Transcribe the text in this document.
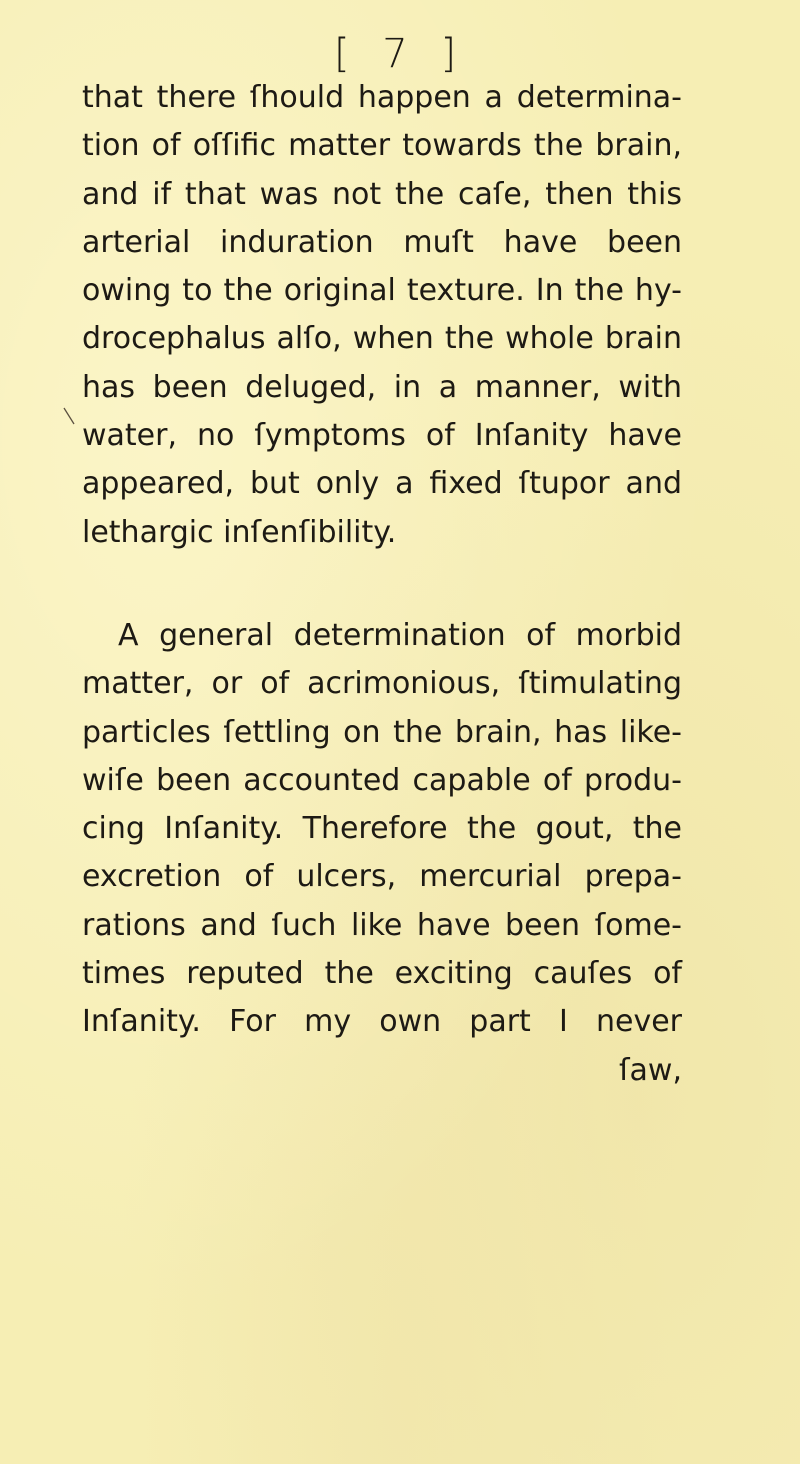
[ 7 ]
that there ſhould happen a determina-
tion of oſſific matter towards the brain,
and if that was not the caſe, then this
arterial induration muſt have been
owing to the original texture. In the hy-
drocephalus alſo, when the whole brain
has been deluged, in a manner, with
water, no ſymptoms of Inſanity have
appeared, but only a fixed ſtupor and
lethargic inſenſibility.
A general determination of morbid
matter, or of acrimonious, ſtimulating
particles ſettling on the brain, has like-
wiſe been accounted capable of produ-
cing Inſanity. Therefore the gout, the
excretion of ulcers, mercurial prepa-
rations and ſuch like have been ſome-
times reputed the exciting cauſes of
Inſanity. For my own part I never
ſaw,
